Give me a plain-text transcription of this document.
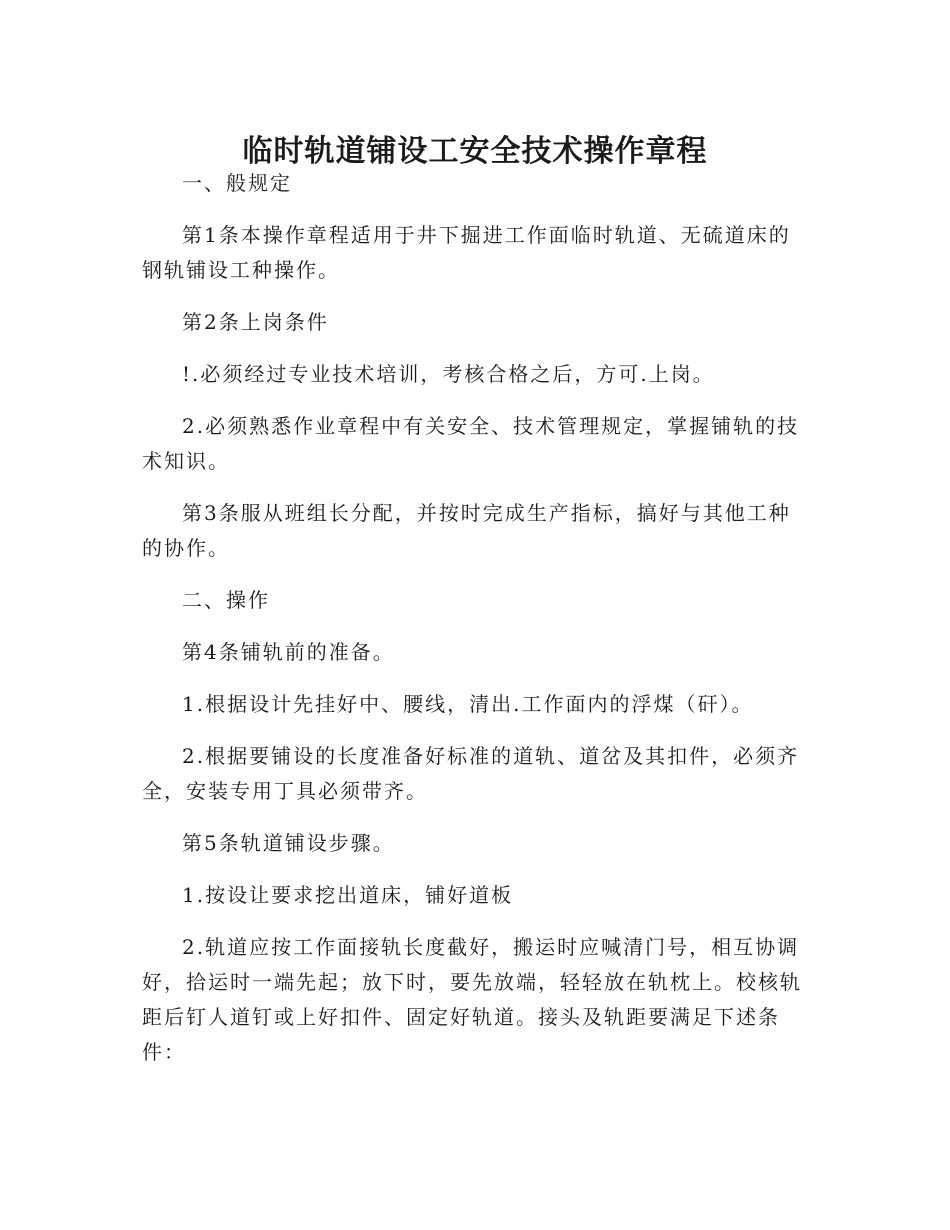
临时轨道铺设工安全技术操作章程

一、般规定

第1条本操作章程适用于井下掘进工作面临时轨道、无硫道床的钢轨铺设工种操作。

第2条上岗条件

!.必须经过专业技术培训，考核合格之后，方可.上岗。

2.必须熟悉作业章程中有关安全、技术管理规定，掌握铺轨的技术知识。

第3条服从班组长分配，并按时完成生产指标，搞好与其他工种的协作。

二、操作

第4条铺轨前的准备。

1.根据设计先挂好中、腰线，清出.工作面内的浮煤（矸）。

2.根据要铺设的长度准备好标准的道轨、道岔及其扣件，必须齐全，安装专用丁具必须带齐。

第5条轨道铺设步骤。

1.按设让要求挖出道床，铺好道板

2.轨道应按工作面接轨长度截好，搬运时应喊清门号，相互协调好，拾运时一端先起；放下时，要先放端，轻轻放在轨枕上。校核轨距后钉人道钉或上好扣件、固定好轨道。接头及轨距要满足下述条件：
